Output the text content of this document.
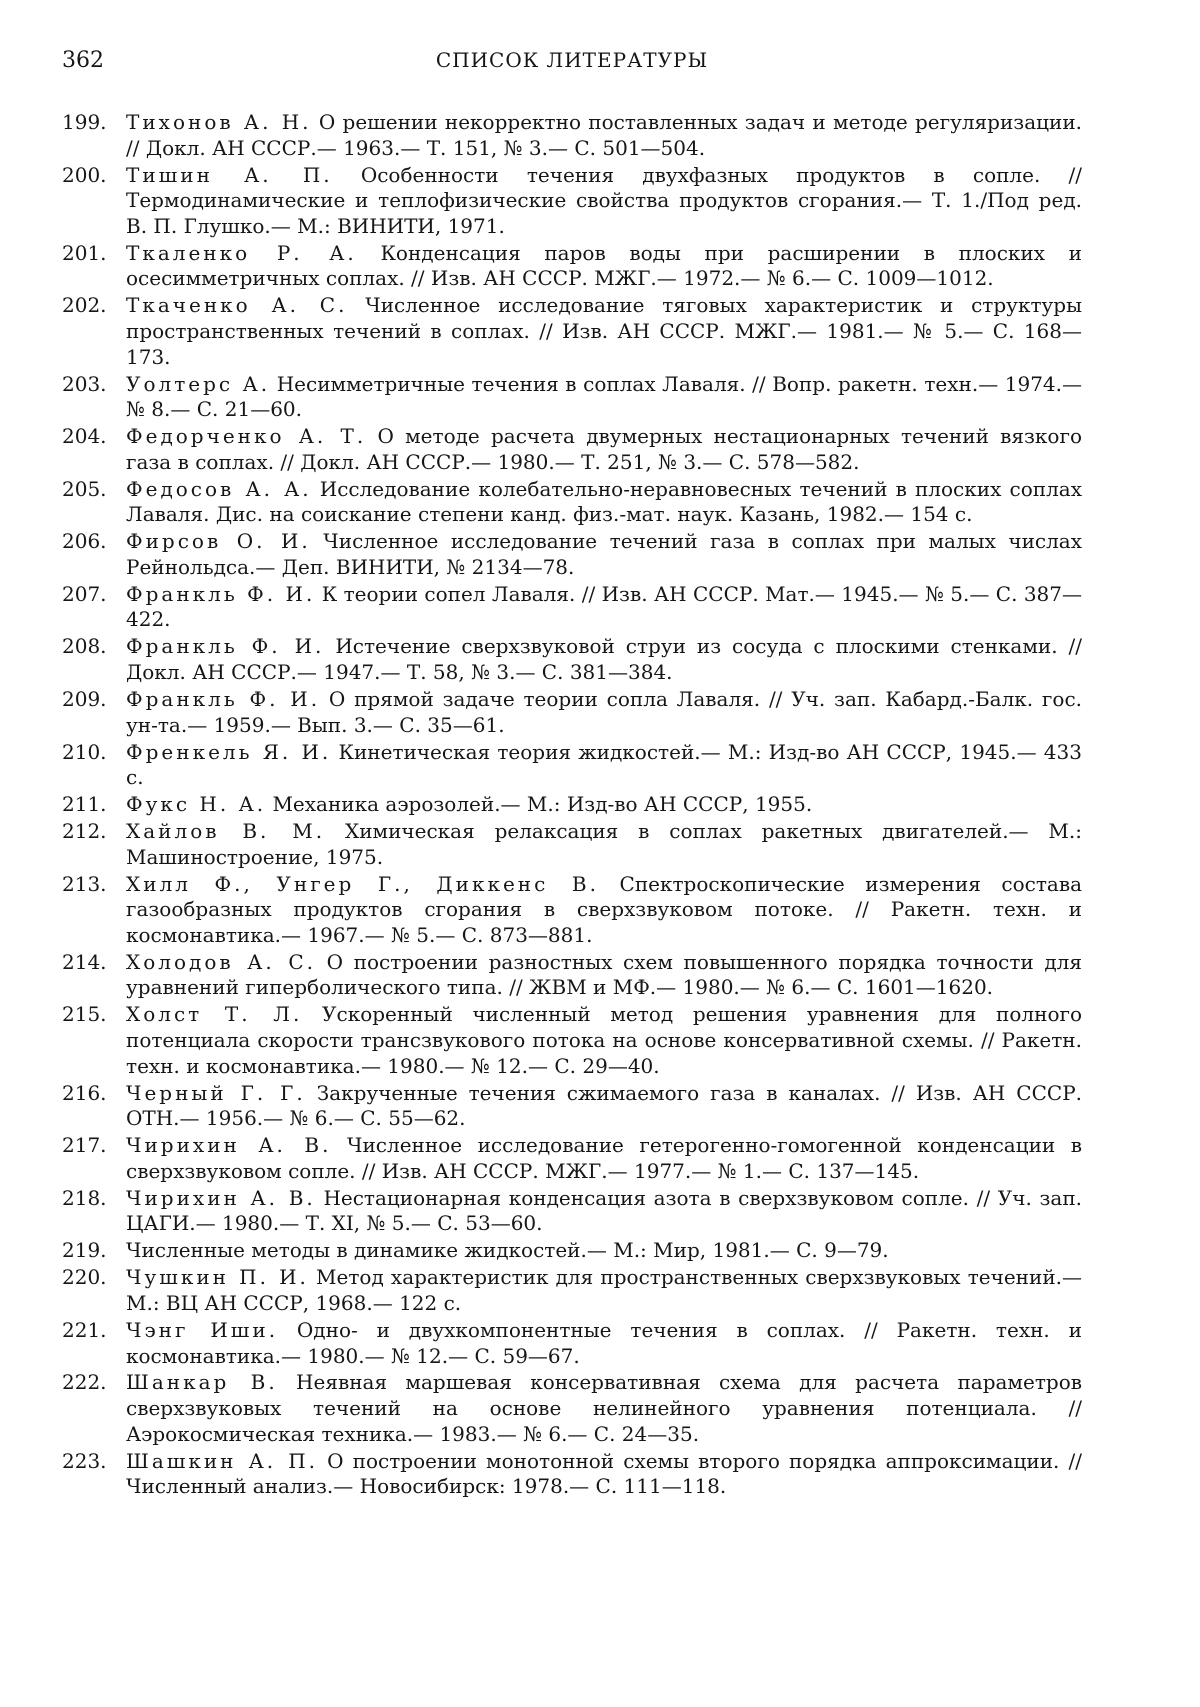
362	СПИСОК ЛИТЕРАТУРЫ
199. Тихонов А. Н. О решении некорректно поставленных задач и методе регуляризации. // Докл. АН СССР.— 1963.— Т. 151, № 3.— С. 501—504.
200. Тишин А. П. Особенности течения двухфазных продуктов в сопле. // Термодинамические и теплофизические свойства продуктов сгорания.— Т. 1./Под ред. В. П. Глушко.— М.: ВИНИТИ, 1971.
201. Ткаленко Р. А. Конденсация паров воды при расширении в плоских и осесимметричных соплах. // Изв. АН СССР. МЖГ.— 1972.— № 6.— С. 1009—1012.
202. Ткаченко А. С. Численное исследование тяговых характеристик и структуры пространственных течений в соплах. // Изв. АН СССР. МЖГ.— 1981.— № 5.— С. 168—173.
203. Уолтерс А. Несимметричные течения в соплах Лаваля. // Вопр. ракетн. техн.— 1974.— № 8.— С. 21—60.
204. Федорченко А. Т. О методе расчета двумерных нестационарных течений вязкого газа в соплах. // Докл. АН СССР.— 1980.— Т. 251, № 3.— С. 578—582.
205. Федосов А. А. Исследование колебательно-неравновесных течений в плоских соплах Лаваля. Дис. на соискание степени канд. физ.-мат. наук. Казань, 1982.— 154 с.
206. Фирсов О. И. Численное исследование течений газа в соплах при малых числах Рейнольдса.— Деп. ВИНИТИ, № 2134—78.
207. Франкль Ф. И. К теории сопел Лаваля. // Изв. АН СССР. Мат.— 1945.— № 5.— С. 387—422.
208. Франкль Ф. И. Истечение сверхзвуковой струи из сосуда с плоскими стенками. // Докл. АН СССР.— 1947.— Т. 58, № 3.— С. 381—384.
209. Франкль Ф. И. О прямой задаче теории сопла Лаваля. // Уч. зап. Кабард.-Балк. гос. ун-та.— 1959.— Вып. 3.— С. 35—61.
210. Френкель Я. И. Кинетическая теория жидкостей.— М.: Изд-во АН СССР, 1945.— 433 с.
211. Фукс Н. А. Механика аэрозолей.— М.: Изд-во АН СССР, 1955.
212. Хайлов В. М. Химическая релаксация в соплах ракетных двигателей.— М.: Машиностроение, 1975.
213. Хилл Ф., Унгер Г., Диккенс В. Спектроскопические измерения состава газообразных продуктов сгорания в сверхзвуковом потоке. // Ракетн. техн. и космонавтика.— 1967.— № 5.— С. 873—881.
214. Холодов А. С. О построении разностных схем повышенного порядка точности для уравнений гиперболического типа. // ЖВМ и МФ.— 1980.— № 6.— С. 1601—1620.
215. Холст Т. Л. Ускоренный численный метод решения уравнения для полного потенциала скорости трансзвукового потока на основе консервативной схемы. // Ракетн. техн. и космонавтика.— 1980.— № 12.— С. 29—40.
216. Черный Г. Г. Закрученные течения сжимаемого газа в каналах. // Изв. АН СССР. ОТН.— 1956.— № 6.— С. 55—62.
217. Чирихин А. В. Численное исследование гетерогенно-гомогенной конденсации в сверхзвуковом сопле. // Изв. АН СССР. МЖГ.— 1977.— № 1.— С. 137—145.
218. Чирихин А. В. Нестационарная конденсация азота в сверхзвуковом сопле. // Уч. зап. ЦАГИ.— 1980.— Т. XI, № 5.— С. 53—60.
219. Численные методы в динамике жидкостей.— М.: Мир, 1981.— С. 9—79.
220. Чушкин П. И. Метод характеристик для пространственных сверхзвуковых течений.— М.: ВЦ АН СССР, 1968.— 122 с.
221. Чэнг Иши. Одно- и двухкомпонентные течения в соплах. // Ракетн. техн. и космонавтика.— 1980.— № 12.— С. 59—67.
222. Шанкар В. Неявная маршевая консервативная схема для расчета параметров сверхзвуковых течений на основе нелинейного уравнения потенциала. // Аэрокосмическая техника.— 1983.— № 6.— С. 24—35.
223. Шашкин А. П. О построении монотонной схемы второго порядка аппроксимации. // Численный анализ.— Новосибирск: 1978.— С. 111—118.
